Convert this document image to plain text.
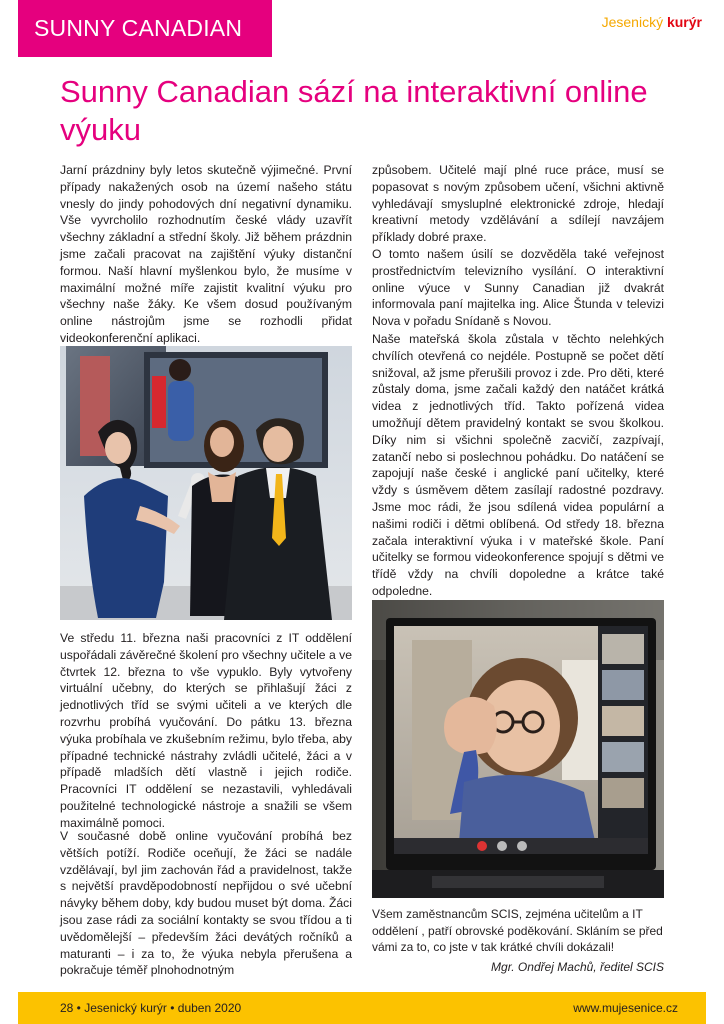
SUNNY CANADIAN	Jesenický kurýr
Sunny Canadian sází na interaktivní online výuku

Jarní prázdniny byly letos skutečně výjimečné. První případy nakažených osob na území našeho státu vnesly do jindy pohodových dní negativní dynamiku. Vše vyvrcholilo rozhodnutím české vlády uzavřít všechny základní a střední školy. Již během prázdnin jsme začali pracovat na zajištění výuky distanční formou. Naší hlavní myšlenkou bylo, že musíme v maximální možné míře zajistit kvalitní výuku pro všechny naše žáky. Ke všem dosud používaným online nástrojům jsme se rozhodli přidat videokonferenční aplikaci.

Ve středu 11. března naši pracovníci z IT oddělení uspořádali závěrečné školení pro všechny učitele a ve čtvrtek 12. března to vše vypuklo. Byly vytvořeny virtuální učebny, do kterých se přihlašují žáci z jednotlivých tříd se svými učiteli a ve kterých dle rozvrhu probíhá vyučování. Do pátku 13. března výuka probíhala ve zkušebním režimu, bylo třeba, aby případné technické nástrahy zvládli učitelé, žáci a v případě mladších dětí vlastně i jejich rodiče. Pracovníci IT oddělení se nezastavili, vyhledávali použitelné technologické nástroje a snažili se všem maximálně pomoci.

V současné době online vyučování probíhá bez větších potíží. Rodiče oceňují, že žáci se nadále vzdělávají, byl jim zachován řád a pravidelnost, takže s největší pravděpodobností nepřijdou o své učební návyky během doby, kdy budou muset být doma. Žáci jsou zase rádi za sociální kontakty se svou třídou a ti uvědomělejší – především žáci devátých ročníků a maturanti – i za to, že výuka nebyla přerušena a pokračuje téměř plnohodnotným

způsobem. Učitelé mají plné ruce práce, musí se popasovat s novým způsobem učení, všichni aktivně vyhledávají smysluplné elektronické zdroje, hledají kreativní metody vzdělávání a sdílejí navzájem příklady dobré praxe.

O tomto našem úsilí se dozvěděla také veřejnost prostřednictvím televizního vysílání. O interaktivní online výuce v Sunny Canadian již dvakrát informovala paní majitelka ing. Alice Štunda v televizi Nova v pořadu Snídaně s Novou.

Naše mateřská škola zůstala v těchto nelehkých chvílích otevřená co nejdéle. Postupně se počet dětí snižoval, až jsme přerušili provoz i zde. Pro děti, které zůstaly doma, jsme začali každý den natáčet krátká videa z jednotlivých tříd. Takto pořízená videa umožňují dětem pravidelný kontakt se svou školkou. Díky nim si všichni společně zacvičí, zazpívají, zatančí nebo si poslechnou pohádku. Do natáčení se zapojují naše české i anglické paní učitelky, které vždy s úsměvem dětem zasílají radostné pozdravy. Jsme moc rádi, že jsou sdílená videa populární a našimi rodiči i dětmi oblíbená. Od středy 18. března začala interaktivní výuka i v mateřské škole. Paní učitelky se formou videokonference spojují s dětmi ve třídě vždy na chvíli dopoledne a krátce také odpoledne.

Všem zaměstnancům SCIS, zejména učitelům a IT oddělení , patří obrovské poděkování. Skláním se před vámi za to, co jste v tak krátké chvíli dokázali!

Mgr. Ondřej Machů, ředitel SCIS

28 • Jesenický kurýr • duben 2020	www.mujesenice.cz
